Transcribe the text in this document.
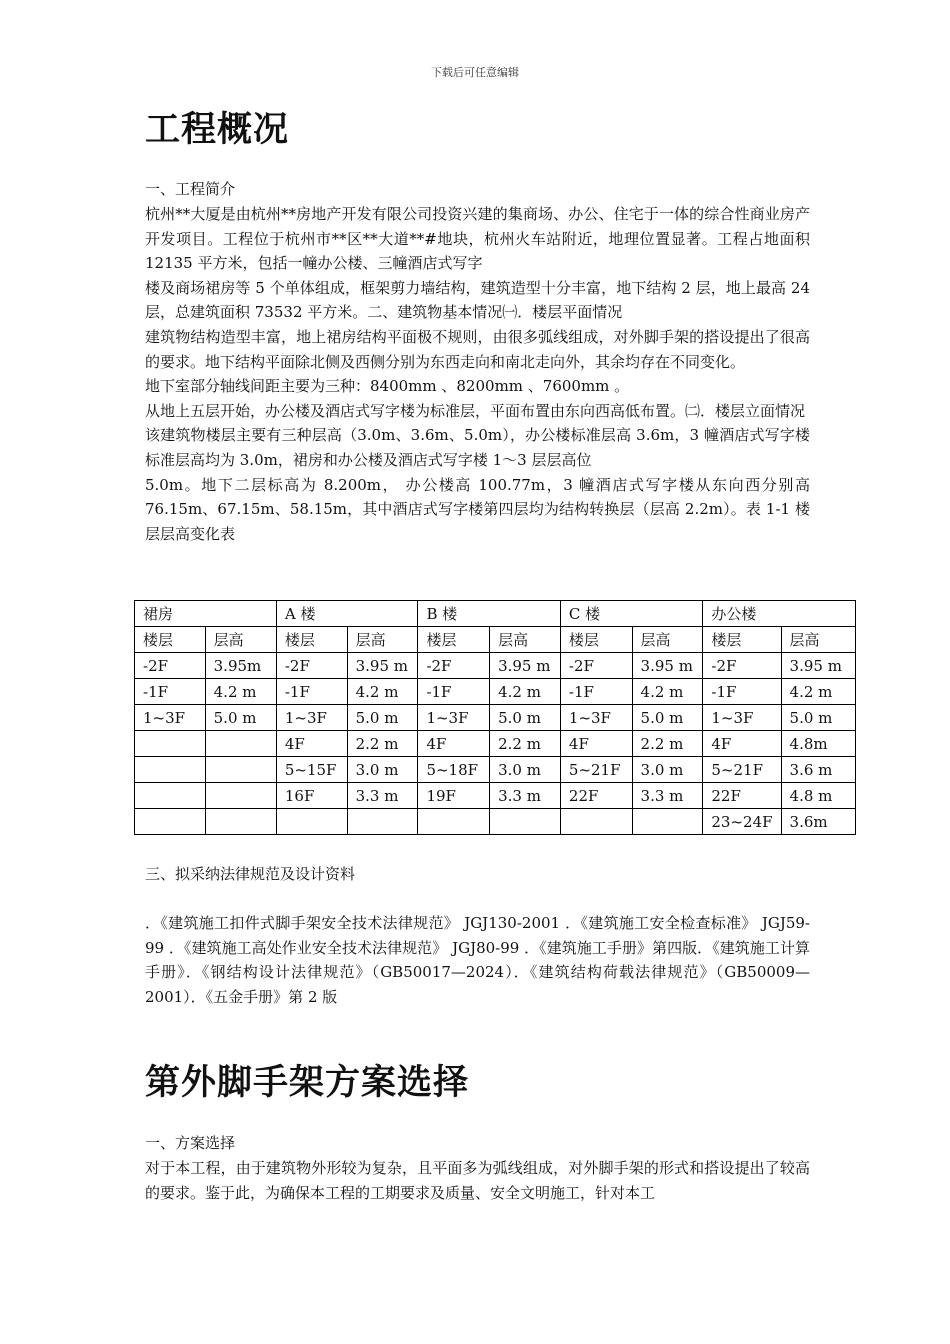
下载后可任意编辑
工程概况
一、工程简介

杭州**大厦是由杭州**房地产开发有限公司投资兴建的集商场、办公、住宅于一体的综合性商业房产开发项目。工程位于杭州市**区**大道**#地块，杭州火车站附近，地理位置显著。工程占地面积 12135 平方米，包括一幢办公楼、三幢酒店式写字

楼及商场裙房等 5 个单体组成，框架剪力墙结构，建筑造型十分丰富，地下结构 2 层，地上最高 24 层，总建筑面积 73532 平方米。二、建筑物基本情况㈠．楼层平面情况

建筑物结构造型丰富，地上裙房结构平面极不规则，由很多弧线组成，对外脚手架的搭设提出了很高的要求。地下结构平面除北侧及西侧分别为东西走向和南北走向外，其余均存在不同变化。

地下室部分轴线间距主要为三种：8400mm 、8200mm 、7600mm 。

从地上五层开始，办公楼及酒店式写字楼为标准层，平面布置由东向西高低布置。㈡．楼层立面情况

该建筑物楼层主要有三种层高（3.0m、3.6m、5.0m），办公楼标准层高 3.6m，3 幢酒店式写字楼标准层高均为 3.0m，裙房和办公楼及酒店式写字楼 1～3 层层高位

5.0m。地下二层标高为 8.200m， 办公楼高 100.77m，3 幢酒店式写字楼从东向西分别高 76.15m、67.15m、58.15m，其中酒店式写字楼第四层均为结构转换层（层高 2.2m）。表 1-1 楼层层高变化表

裙房		A 楼		B 楼		C 楼		办公楼	
楼层	层高	楼层	层高	楼层	层高	楼层	层高	楼层	层高
-2F	3.95m	-2F	3.95 m	-2F	3.95 m	-2F	3.95 m	-2F	3.95 m
-1F	4.2 m	-1F	4.2 m	-1F	4.2 m	-1F	4.2 m	-1F	4.2 m
1~3F	5.0 m	1~3F	5.0 m	1~3F	5.0 m	1~3F	5.0 m	1~3F	5.0 m
		4F	2.2 m	4F	2.2 m	4F	2.2 m	4F	4.8m
		5~15F	3.0 m	5~18F	3.0 m	5~21F	3.0 m	5~21F	3.6 m
		16F	3.3 m	19F	3.3 m	22F	3.3 m	22F	4.8 m
								23~24F	3.6m
三、拟采纳法律规范及设计资料
．《建筑施工扣件式脚手架安全技术法律规范》 JGJ130-2001 ．《建筑施工安全检查标准》 JGJ59-99 ．《建筑施工高处作业安全技术法律规范》 JGJ80-99 ．《建筑施工手册》第四版．《建筑施工计算手册》．《钢结构设计法律规范》（GB50017—2024）．《建筑结构荷载法律规范》（GB50009—2001）．《五金手册》第 2 版
第外脚手架方案选择
一、方案选择
对于本工程，由于建筑物外形较为复杂，且平面多为弧线组成，对外脚手架的形式和搭设提出了较高的要求。鉴于此，为确保本工程的工期要求及质量、安全文明施工，针对本工
